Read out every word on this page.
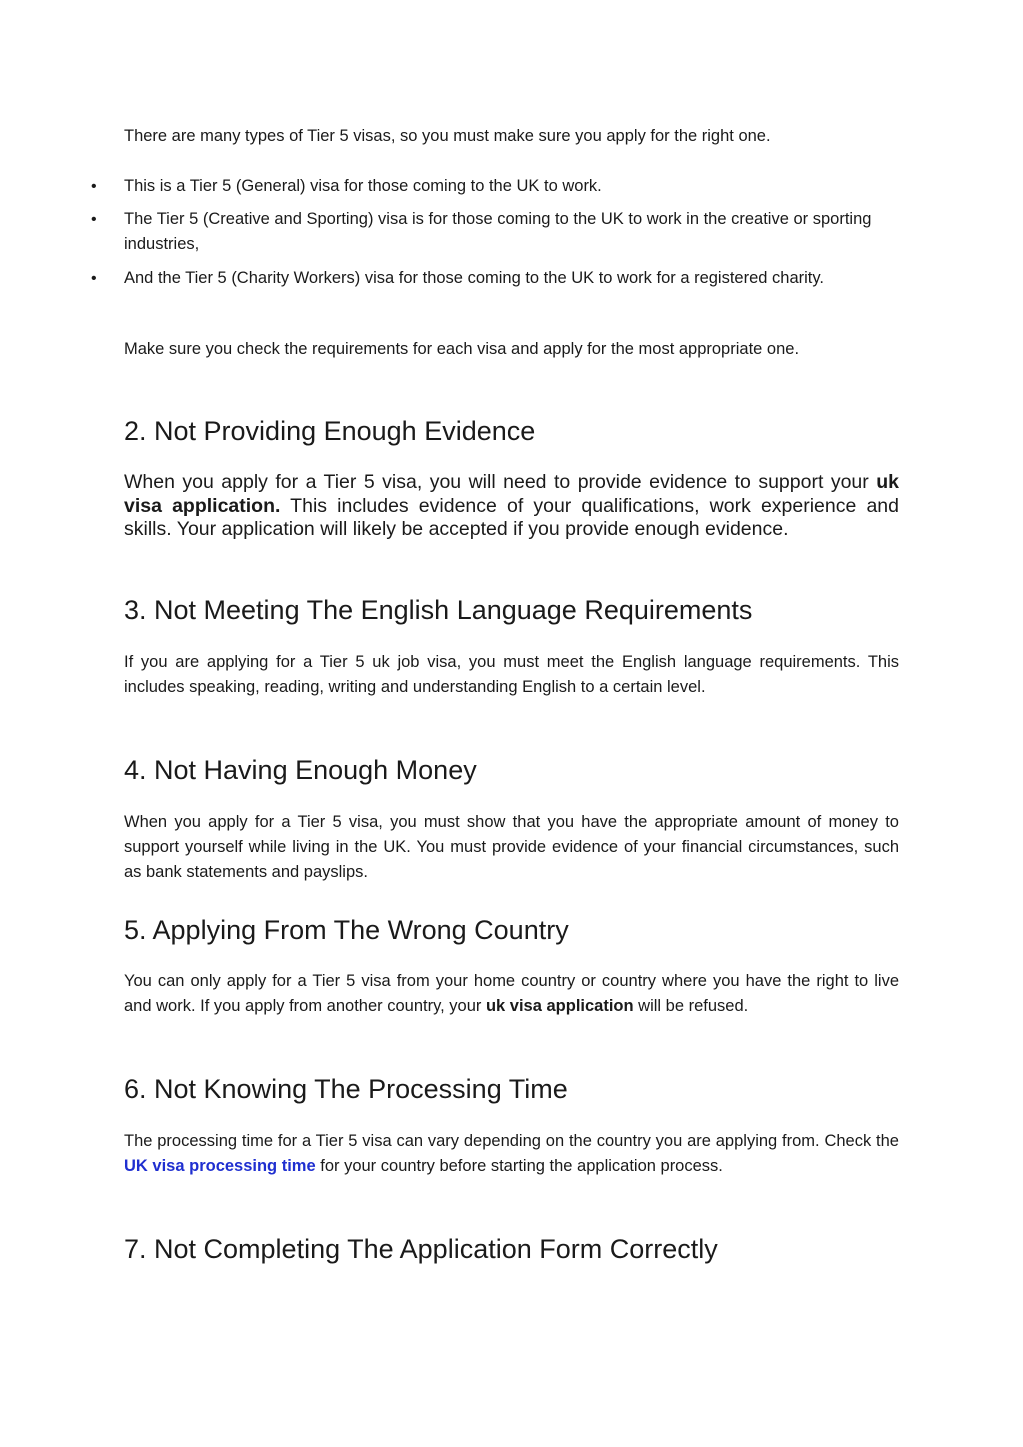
There are many types of Tier 5 visas, so you must make sure you apply for the right one.

• This is a Tier 5 (General) visa for those coming to the UK to work.

• The Tier 5 (Creative and Sporting) visa is for those coming to the UK to work in the creative or sporting industries,

• And the Tier 5 (Charity Workers) visa for those coming to the UK to work for a registered charity.

Make sure you check the requirements for each visa and apply for the most appropriate one.

2. Not Providing Enough Evidence

When you apply for a Tier 5 visa, you will need to provide evidence to support your uk visa application. This includes evidence of your qualifications, work experience and skills. Your application will likely be accepted if you provide enough evidence.

3. Not Meeting The English Language Requirements

If you are applying for a Tier 5 uk job visa, you must meet the English language requirements. This includes speaking, reading, writing and understanding English to a certain level.

4. Not Having Enough Money

When you apply for a Tier 5 visa, you must show that you have the appropriate amount of money to support yourself while living in the UK. You must provide evidence of your financial circumstances, such as bank statements and payslips.

5. Applying From The Wrong Country

You can only apply for a Tier 5 visa from your home country or country where you have the right to live and work. If you apply from another country, your uk visa application will be refused.

6. Not Knowing The Processing Time

The processing time for a Tier 5 visa can vary depending on the country you are applying from. Check the UK visa processing time for your country before starting the application process.

7. Not Completing The Application Form Correctly
